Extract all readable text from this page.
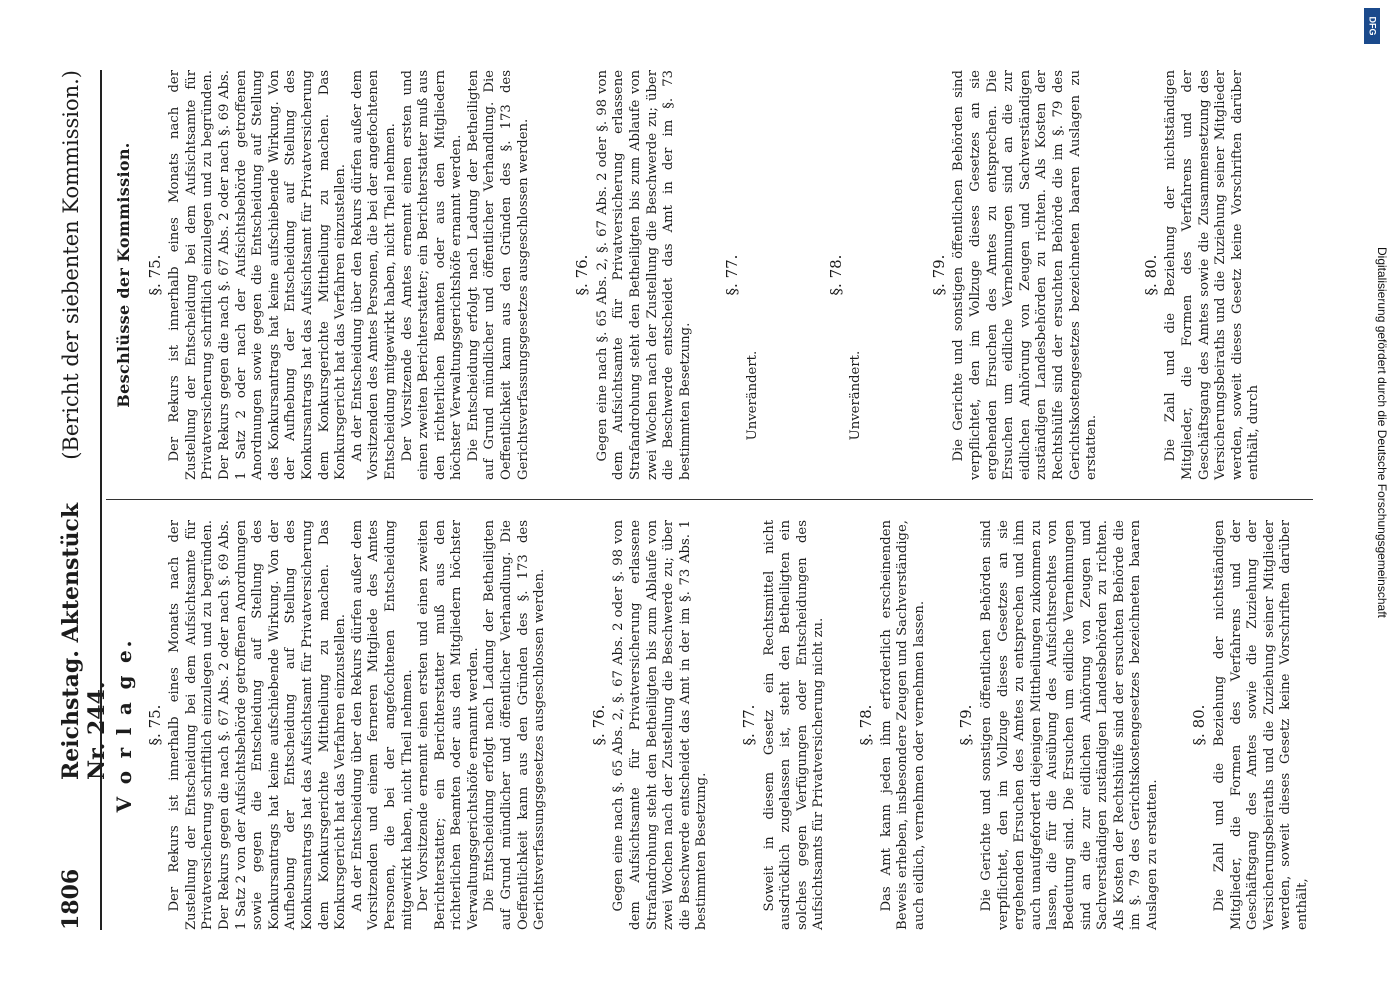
1806
Reichstag. Aktenstück Nr. 244.
(Bericht der siebenten Kommission.)
V o r l a g e. §. 75. Der Rekurs ist innerhalb eines Monats nach der Zustellung der Entscheidung bei dem Aufsichtsamte für Privatversicherung schriftlich einzulegen und zu begründen. Der Rekurs gegen die nach §. 67 Abs. 2 oder nach §. 69 Abs. 1 Satz 2 von der Aufsichtsbehörde getroffenen Anordnungen sowie gegen die Entscheidung auf Stellung des Konkursantrags hat keine aufschiebende Wirkung. Von der Aufhebung der Entscheidung auf Stellung des Konkursantrags hat das Aufsichtsamt für Privatversicherung dem Konkursgerichte Mittheilung zu machen. Das Konkursgericht hat das Verfahren einzustellen. An der Entscheidung über den Rekurs dürfen außer dem Vorsitzenden und einem ferneren Mitgliede des Amtes Personen, die bei der angefochtenen Entscheidung mitgewirkt haben, nicht Theil nehmen. Der Vorsitzende ernennt einen ersten und einen zweiten Berichterstatter; ein Berichterstatter muß aus den richterlichen Beamten oder aus den Mitgliedern höchster Verwaltungsgerichtshöfe ernannt werden. Die Entscheidung erfolgt nach Ladung der Betheiligten auf Grund mündlicher und öffentlicher Verhandlung. Die Oeffentlichkeit kann aus den Gründen des §. 173 des Gerichtsverfassungsgesetzes ausgeschlossen werden.	§. 76. Gegen eine nach §. 65 Abs. 2, §. 67 Abs. 2 oder §. 98 von dem Aufsichtsamte für Privatversicherung erlassene Strafandrohung steht den Betheiligten bis zum Ablaufe von zwei Wochen nach der Zustellung die Beschwerde zu; über die Beschwerde entscheidet das Amt in der im §. 73 Abs. 1 bestimmten Besetzung.

§. 77. Soweit in diesem Gesetz ein Rechtsmittel nicht ausdrücklich zugelassen ist, steht den Betheiligten ein solches gegen Verfügungen oder Entscheidungen des Aufsichtsamts für Privatversicherung nicht zu. §. 78. Das Amt kann jeden ihm erforderlich erscheinenden Beweis erheben, insbesondere Zeugen und Sachverständige, auch eidlich, vernehmen oder vernehmen lassen. §. 79. Die Gerichte und sonstigen öffentlichen Behörden sind verpflichtet, den im Vollzuge dieses Gesetzes an sie ergehenden Ersuchen des Amtes zu entsprechen und ihm auch unaufgefordert diejenigen Mittheilungen zukommen zu lassen, die für die Ausübung des Aufsichtsrechtes von Bedeutung sind. Die Ersuchen um eidliche Vernehmungen sind an die zur eidlichen Anhörung von Zeugen und Sachverständigen zuständigen Landesbehörden zu richten. Als Kosten der Rechtshülfe sind der ersuchten Behörde die im §. 79 des Gerichtskostengesetzes bezeichneten baaren Auslagen zu erstatten.

§. 80. Die Zahl und die Beziehung der nichtständigen Mitglieder, die Formen des Verfahrens und der Geschäftsgang des Amtes sowie die Zuziehung der Versicherungsbeiraths und die Zuziehung seiner Mitglieder werden, soweit dieses Gesetz keine Vorschriften darüber enthält,

Beschlüsse der Kommission. §. 75. Der Rekurs ist innerhalb eines Monats nach der Zustellung der Entscheidung bei dem Aufsichtsamte für Privatversicherung schriftlich einzulegen und zu begründen. Der Rekurs gegen die nach §. 67 Abs. 2 oder nach §. 69 Abs. 1 Satz 2 oder nach der Aufsichtsbehörde getroffenen Anordnungen sowie gegen die Entscheidung auf Stellung des Konkursantrags hat keine aufschiebende Wirkung. Von der Aufhebung der Entscheidung auf Stellung des Konkursantrags hat das Aufsichtsamt für Privatversicherung dem Konkursgerichte Mittheilung zu machen. Das Konkursgericht hat das Verfahren einzustellen. An der Entscheidung über den Rekurs dürfen außer dem Vorsitzenden des Amtes Personen, die bei der angefochtenen Entscheidung mitgewirkt haben, nicht Theil nehmen. Der Vorsitzende des Amtes ernennt einen ersten und einen zweiten Berichterstatter; ein Berichterstatter muß aus den richterlichen Beamten oder aus den Mitgliedern höchster Verwaltungsgerichtshöfe ernannt werden. Die Entscheidung erfolgt nach Ladung der Betheiligten auf Grund mündlicher und öffentlicher Verhandlung. Die Oeffentlichkeit kann aus den Gründen des §. 173 des Gerichtsverfassungsgesetzes ausgeschlossen werden.	§. 76. Gegen eine nach §. 65 Abs. 2, §. 67 Abs. 2 oder §. 98 von dem Aufsichtsamte für Privatversicherung erlassene Strafandrohung steht den Betheiligten bis zum Ablaufe von zwei Wochen nach der Zustellung die Beschwerde zu; über die Beschwerde entscheidet das Amt in der im §. 73 bestimmten Besetzung.

§. 77.

Unverändert.

§. 78.

Unverändert.

§. 79. Die Gerichte und sonstigen öffentlichen Behörden sind verpflichtet, den im Vollzuge dieses Gesetzes an sie ergehenden Ersuchen des Amtes zu entsprechen. Die Ersuchen um eidliche Vernehmungen sind an die zur eidlichen Anhörung von Zeugen und Sachverständigen zuständigen Landesbehörden zu richten. Als Kosten der Rechtshülfe sind der ersuchten Behörde die im §. 79 des Gerichtskostengesetzes bezeichneten baaren Auslagen zu erstatten.

§. 80. Die Zahl und die Beziehung der nichtständigen Mitglieder, die Formen des Verfahrens und der Geschäftsgang des Amtes sowie die Zusammensetzung des Versicherungsbeiraths und die Zuziehung seiner Mitglieder werden, soweit dieses Gesetz keine Vorschriften darüber enthält, durch

DFG
Digitalisierung gefördert durch die Deutsche Forschungsgemeinschaft
